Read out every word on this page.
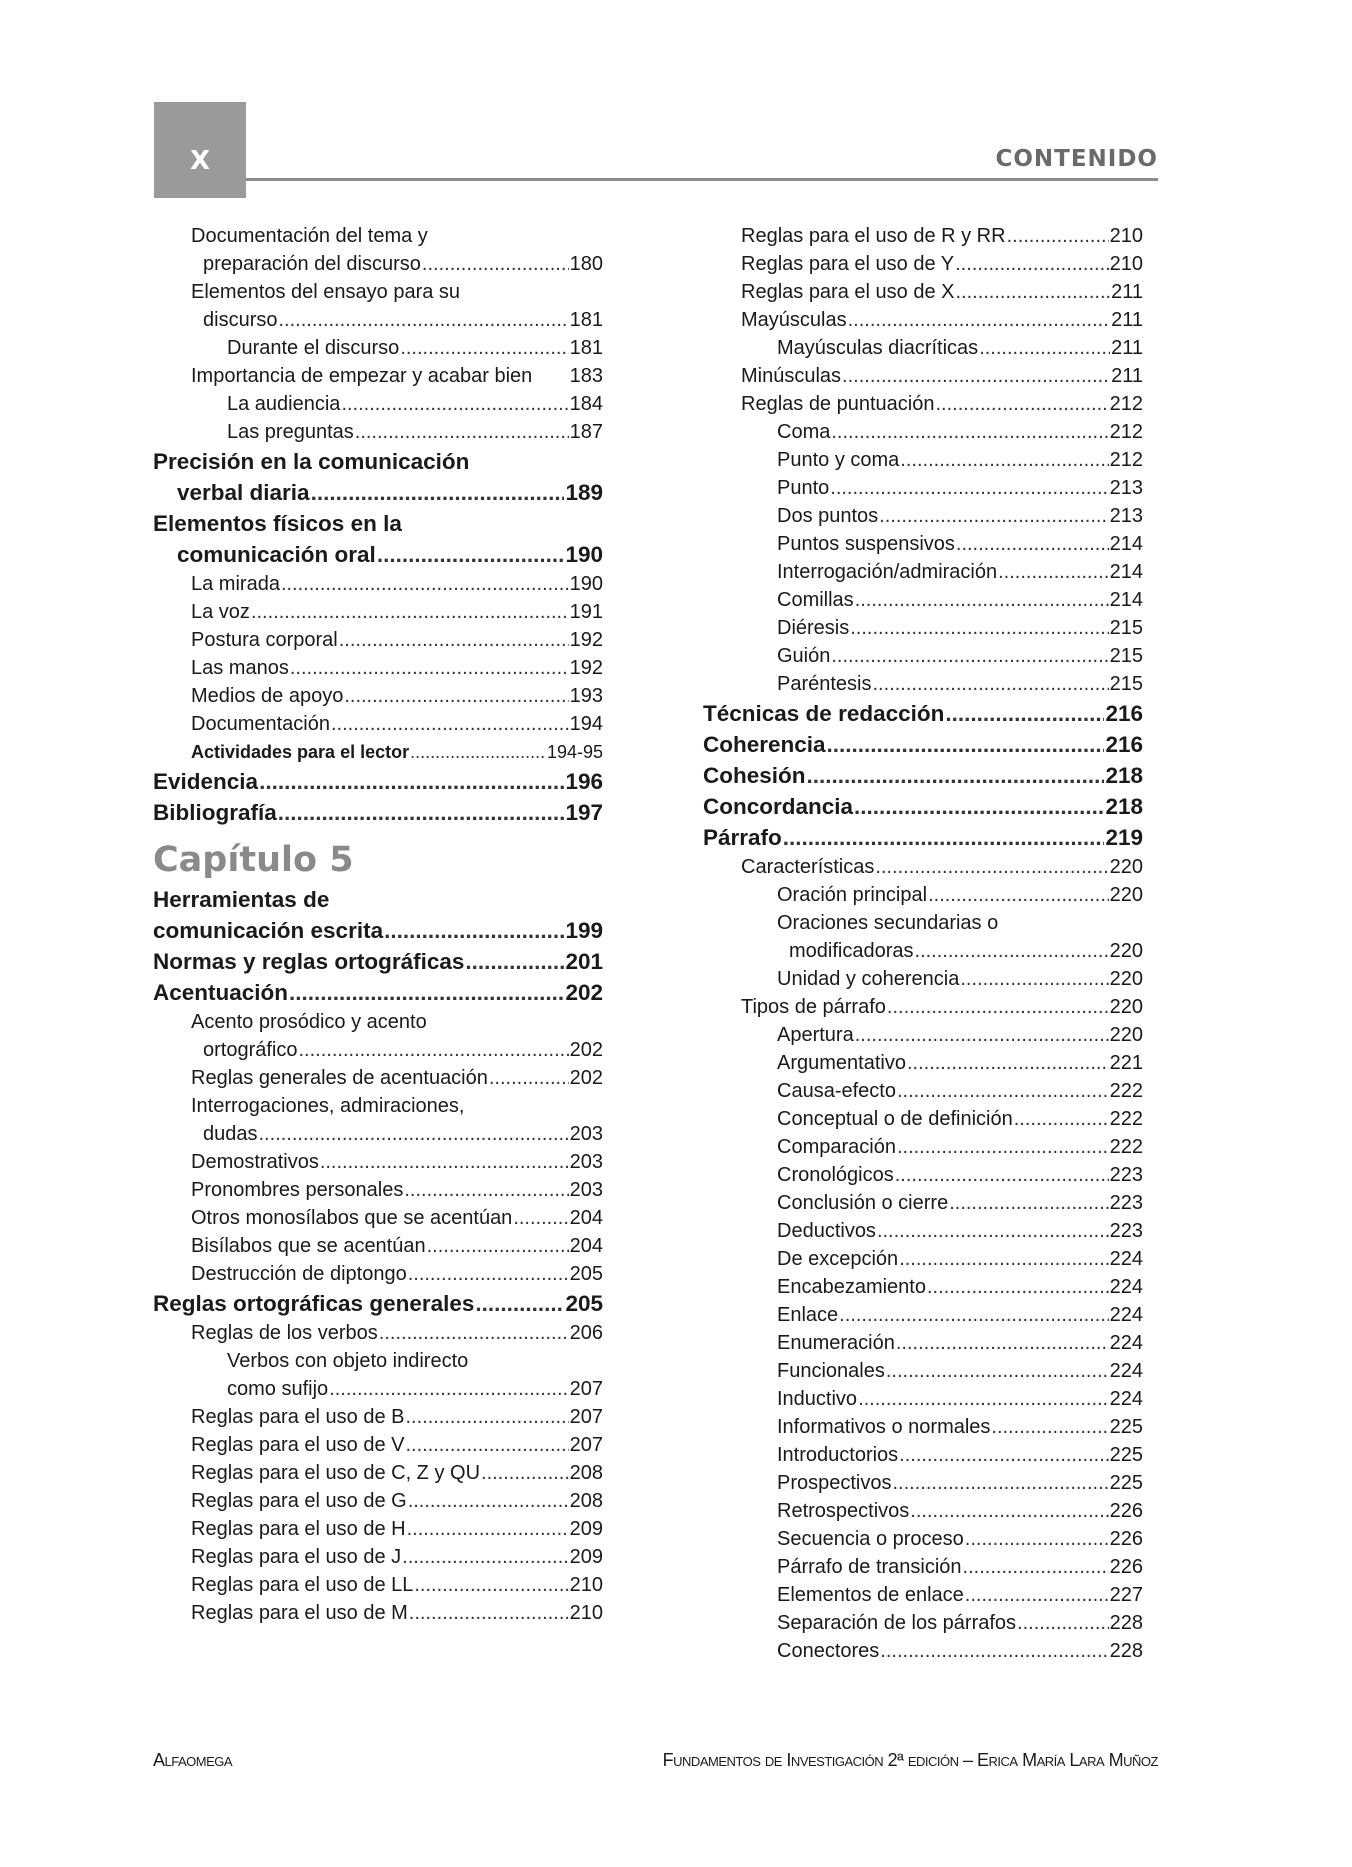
X	CONTENIDO
Documentación del tema y
preparación del discurso .....	180
Elementos del ensayo para su
discurso .....	181
Durante el discurso .....	181
Importancia de empezar y acabar bien 183
La audiencia .....	184
Las preguntas .....	187
Precisión en la comunicación
verbal diaria .....	189
Elementos físicos en la
comunicación oral .....	190
La mirada .....	190
La voz .....	191
Postura corporal .....	192
Las manos .....	192
Medios de apoyo .....	193
Documentación .....	194
Actividades para el lector .....	194-95
Evidencia .....	196
Bibliografía .....	197
Capítulo 5
Herramientas de
comunicación escrita .....	199
Normas y reglas ortográficas .....	201
Acentuación .....	202
Acento prosódico y acento
ortográfico .....	202
Reglas generales de acentuación .....	202
Interrogaciones, admiraciones,
dudas .....	203
Demostrativos .....	203
Pronombres personales .....	203
Otros monosílabos que se acentúan .....	204
Bisílabos que se acentúan .....	204
Destrucción de diptongo .....	205
Reglas ortográficas generales .....	205
Reglas de los verbos .....	206
Verbos con objeto indirecto
como sufijo .....	207
Reglas para el uso de B .....	207
Reglas para el uso de V .....	207
Reglas para el uso de C, Z y QU .....	208
Reglas para el uso de G .....	208
Reglas para el uso de H .....	209
Reglas para el uso de J .....	209
Reglas para el uso de LL .....	210
Reglas para el uso de M .....	210
Reglas para el uso de R y RR .....	210
Reglas para el uso de Y .....	210
Reglas para el uso de X .....	211
Mayúsculas .....	211
Mayúsculas diacríticas .....	211
Minúsculas .....	211
Reglas de puntuación .....	212
Coma .....	212
Punto y coma .....	212
Punto .....	213
Dos puntos .....	213
Puntos suspensivos .....	214
Interrogación/admiración .....	214
Comillas .....	214
Diéresis .....	215
Guión .....	215
Paréntesis .....	215
Técnicas de redacción .....	216
Coherencia .....	216
Cohesión .....	218
Concordancia .....	218
Párrafo .....	219
Características .....	220
Oración principal .....	220
Oraciones secundarias o
modificadoras .....	220
Unidad y coherencia .....	220
Tipos de párrafo .....	220
Apertura .....	220
Argumentativo .....	221
Causa-efecto .....	222
Conceptual o de definición .....	222
Comparación .....	222
Cronológicos .....	223
Conclusión o cierre .....	223
Deductivos .....	223
De excepción .....	224
Encabezamiento .....	224
Enlace .....	224
Enumeración .....	224
Funcionales .....	224
Inductivo .....	224
Informativos o normales .....	225
Introductorios .....	225
Prospectivos .....	225
Retrospectivos .....	226
Secuencia o proceso .....	226
Párrafo de transición .....	226
Elementos de enlace .....	227
Separación de los párrafos .....	228
Conectores .....	228
Alfaomega	Fundamentos de Investigación 2ª edición – Erica María Lara Muñoz
